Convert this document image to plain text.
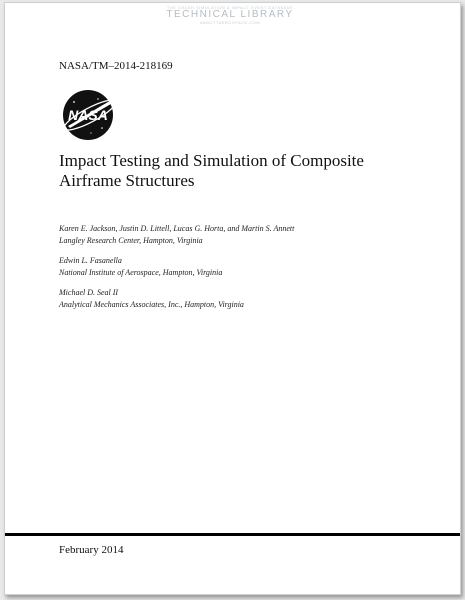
THE CRASH SIMULATION & IMPACT EVENT DATABASE
TECHNICAL LIBRARY
ABBOTTAEROSPACE.COM
NASA/TM–2014-218169
NASA
Impact Testing and Simulation of Composite
Airframe Structures
Karen E. Jackson, Justin D. Littell, Lucas G. Horta, and Martin S. Annett
Langley Research Center, Hampton, Virginia
Edwin L. Fasanella
National Institute of Aerospace, Hampton, Virginia
Michael D. Seal II
Analytical Mechanics Associates, Inc., Hampton, Virginia
February 2014
